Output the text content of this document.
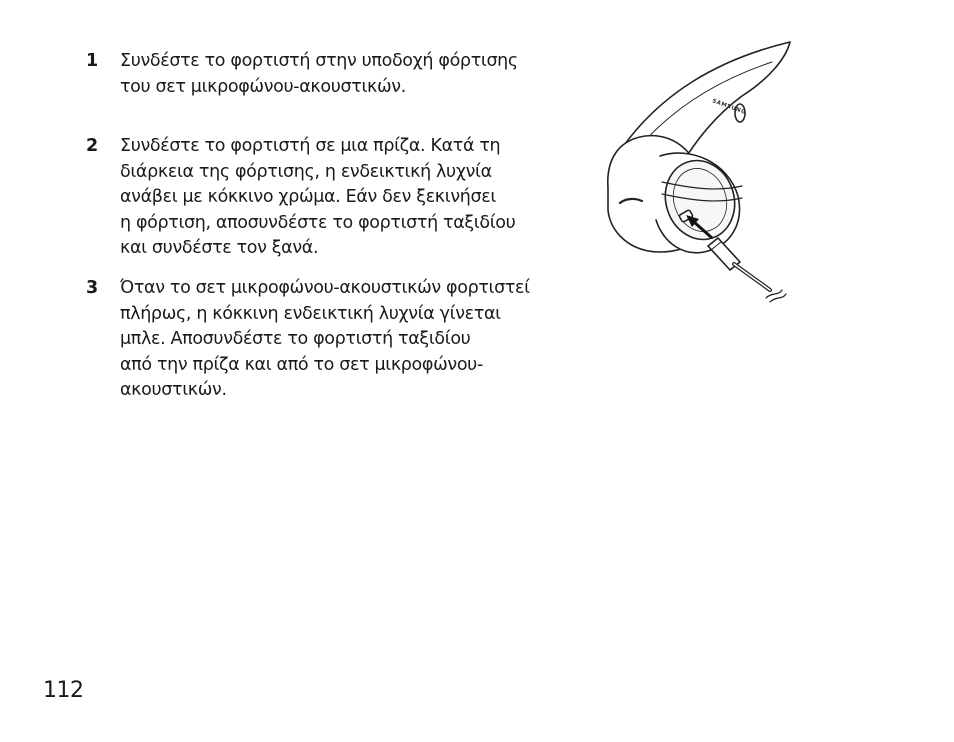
1 Συνδέστε το φορτιστή στην υποδοχή φόρτισης
του σετ μικροφώνου-ακουστικών.
2 Συνδέστε το φορτιστή σε μια πρίζα. Κατά τη
διάρκεια της φόρτισης, η ενδεικτική λυχνία
ανάβει με κόκκινο χρώμα. Εάν δεν ξεκινήσει
η φόρτιση, αποσυνδέστε το φορτιστή ταξιδίου
και συνδέστε τον ξανά.
3 Όταν το σετ μικροφώνου-ακουστικών φορτιστεί
πλήρως, η κόκκινη ενδεικτική λυχνία γίνεται
μπλε. Αποσυνδέστε το φορτιστή ταξιδίου
από την πρίζα και από το σετ μικροφώνου-
ακουστικών.
SAMSUNG
112
